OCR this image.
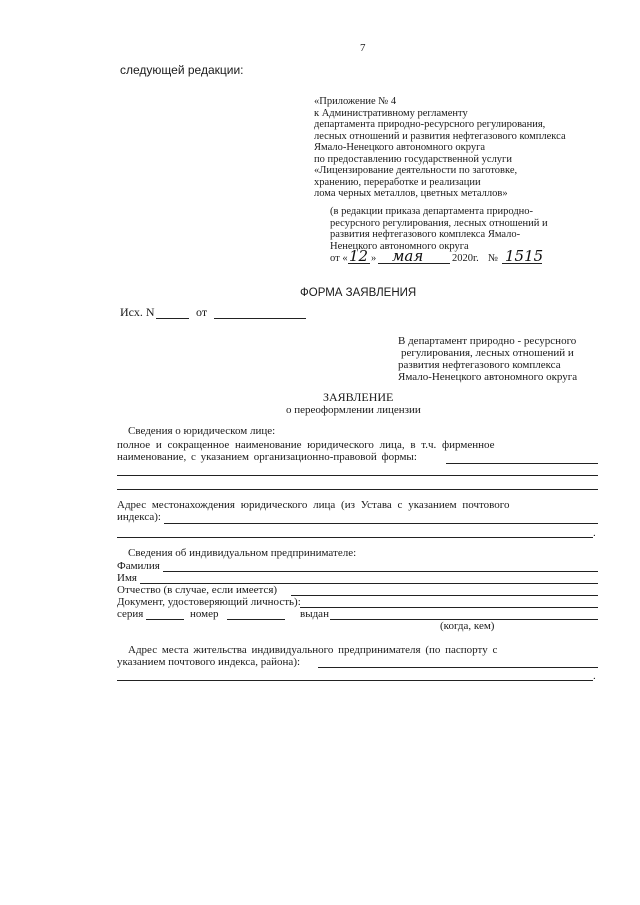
7
следующей редакции:
«Приложение № 4
к Административному регламенту
департамента природно-ресурсного регулирования,
лесных отношений и развития нефтегазового комплекса
Ямало-Ненецкого автономного округа
по предоставлению государственной услуги
«Лицензирование деятельности по заготовке,
хранению, переработке и реализации
лома черных металлов, цветных металлов»
(в редакции приказа департамента природно-
ресурсного регулирования, лесных отношений и
развития нефтегазового комплекса Ямало-
Ненецкого автономного округа
от « 12 » мая	2020г. № 1515
ФОРМА ЗАЯВЛЕНИЯ
Исх. N	от
В департамент природно - ресурсного
регулирования, лесных отношений и
развития нефтегазового комплекса
Ямало-Ненецкого автономного округа
ЗАЯВЛЕНИЕ
о переоформлении лицензии
Сведения о юридическом лице:
полное и сокращенное наименование юридического лица, в т.ч. фирменное
наименование, с указанием организационно-правовой формы:
Адрес местонахождения юридического лица (из Устава с указанием почтового
индекса):
.
Сведения об индивидуальном предпринимателе:
Фамилия
Имя
Отчество (в случае, если имеется)
Документ, удостоверяющий личность):
серия	номер	выдан
(когда, кем)
Адрес места жительства индивидуального предпринимателя (по паспорту с
указанием почтового индекса, района):
.
